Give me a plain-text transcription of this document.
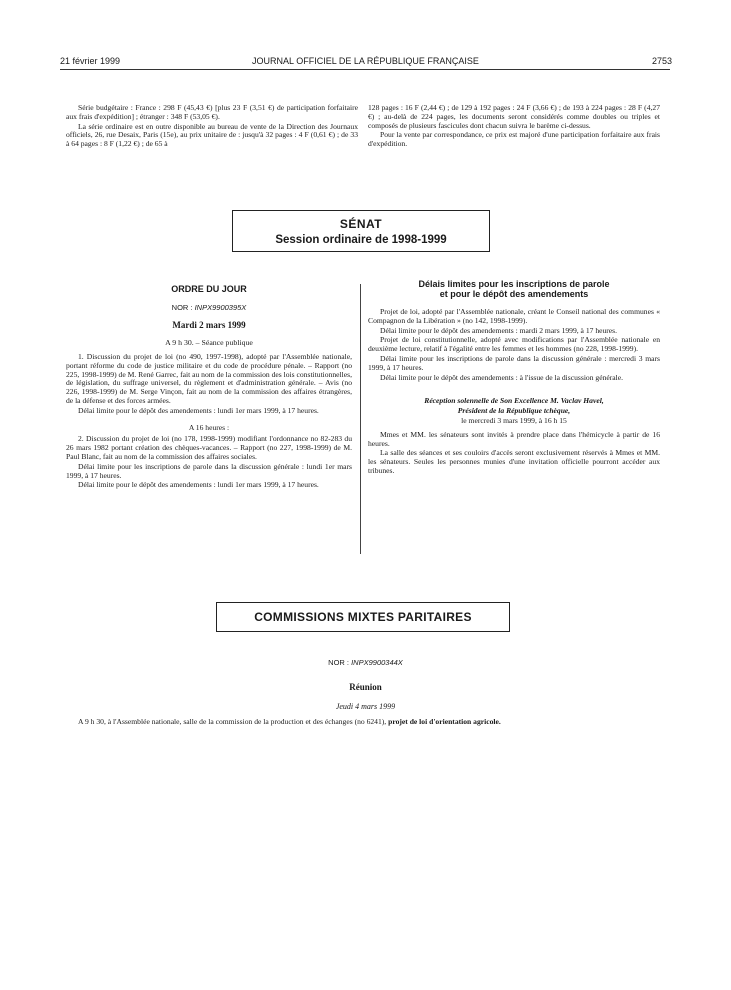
21 février 1999	JOURNAL OFFICIEL DE LA RÉPUBLIQUE FRANÇAISE	2753

Série budgétaire : France : 298 F (45,43 €) [plus 23 F (3,51 €) de participation forfaitaire aux frais d'expédition] ; étranger : 348 F (53,05 €).

La série ordinaire est en outre disponible au bureau de vente de la Direction des Journaux officiels, 26, rue Desaix, Paris (15e), au prix unitaire de : jusqu'à 32 pages : 4 F (0,61 €) ; de 33 à 64 pages : 8 F (1,22 €) ; de 65 à

128 pages : 16 F (2,44 €) ; de 129 à 192 pages : 24 F (3,66 €) ; de 193 à 224 pages : 28 F (4,27 €) ; au-delà de 224 pages, les documents seront considérés comme doubles ou triples et composés de plusieurs fascicules dont chacun suivra le barème ci-dessus.

Pour la vente par correspondance, ce prix est majoré d'une participation forfaitaire aux frais d'expédition.

SÉNAT
Session ordinaire de 1998-1999
ORDRE DU JOUR
NOR : INPX9900395X
Mardi 2 mars 1999
A 9 h 30. – Séance publique

1. Discussion du projet de loi (no 490, 1997-1998), adopté par l'Assemblée nationale, portant réforme du code de justice militaire et du code de procédure pénale. – Rapport (no 225, 1998-1999) de M. René Garrec, fait au nom de la commission des lois constitutionnelles, de législation, du suffrage universel, du règlement et d'administration générale. – Avis (no 226, 1998-1999) de M. Serge Vinçon, fait au nom de la commission des affaires étrangères, de la défense et des forces armées.

Délai limite pour le dépôt des amendements : lundi 1er mars 1999, à 17 heures.

A 16 heures :

2. Discussion du projet de loi (no 178, 1998-1999) modifiant l'ordonnance no 82-283 du 26 mars 1982 portant création des chèques-vacances. – Rapport (no 227, 1998-1999) de M. Paul Blanc, fait au nom de la commission des affaires sociales.

Délai limite pour les inscriptions de parole dans la discussion générale : lundi 1er mars 1999, à 17 heures.

Délai limite pour le dépôt des amendements : lundi 1er mars 1999, à 17 heures.

Délais limites pour les inscriptions de parole
et pour le dépôt des amendements

Projet de loi, adopté par l'Assemblée nationale, créant le Conseil national des communes « Compagnon de la Libération » (no 142, 1998-1999).

Délai limite pour le dépôt des amendements : mardi 2 mars 1999, à 17 heures.

Projet de loi constitutionnelle, adopté avec modifications par l'Assemblée nationale en deuxième lecture, relatif à l'égalité entre les femmes et les hommes (no 228, 1998-1999).

Délai limite pour les inscriptions de parole dans la discussion générale : mercredi 3 mars 1999, à 17 heures.

Délai limite pour le dépôt des amendements : à l'issue de la discussion générale.

Réception solennelle de Son Excellence M. Vaclav Havel,

Président de la République tchèque,

le mercredi 3 mars 1999, à 16 h 15

Mmes et MM. les sénateurs sont invités à prendre place dans l'hémicycle à partir de 16 heures.

La salle des séances et ses couloirs d'accès seront exclusivement réservés à Mmes et MM. les sénateurs. Seules les personnes munies d'une invitation officielle pourront accéder aux tribunes.

COMMISSIONS MIXTES PARITAIRES
NOR : INPX9900344X
Réunion
Jeudi 4 mars 1999

A 9 h 30, à l'Assemblée nationale, salle de la commission de la production et des échanges (no 6241), projet de loi d'orientation agricole.
